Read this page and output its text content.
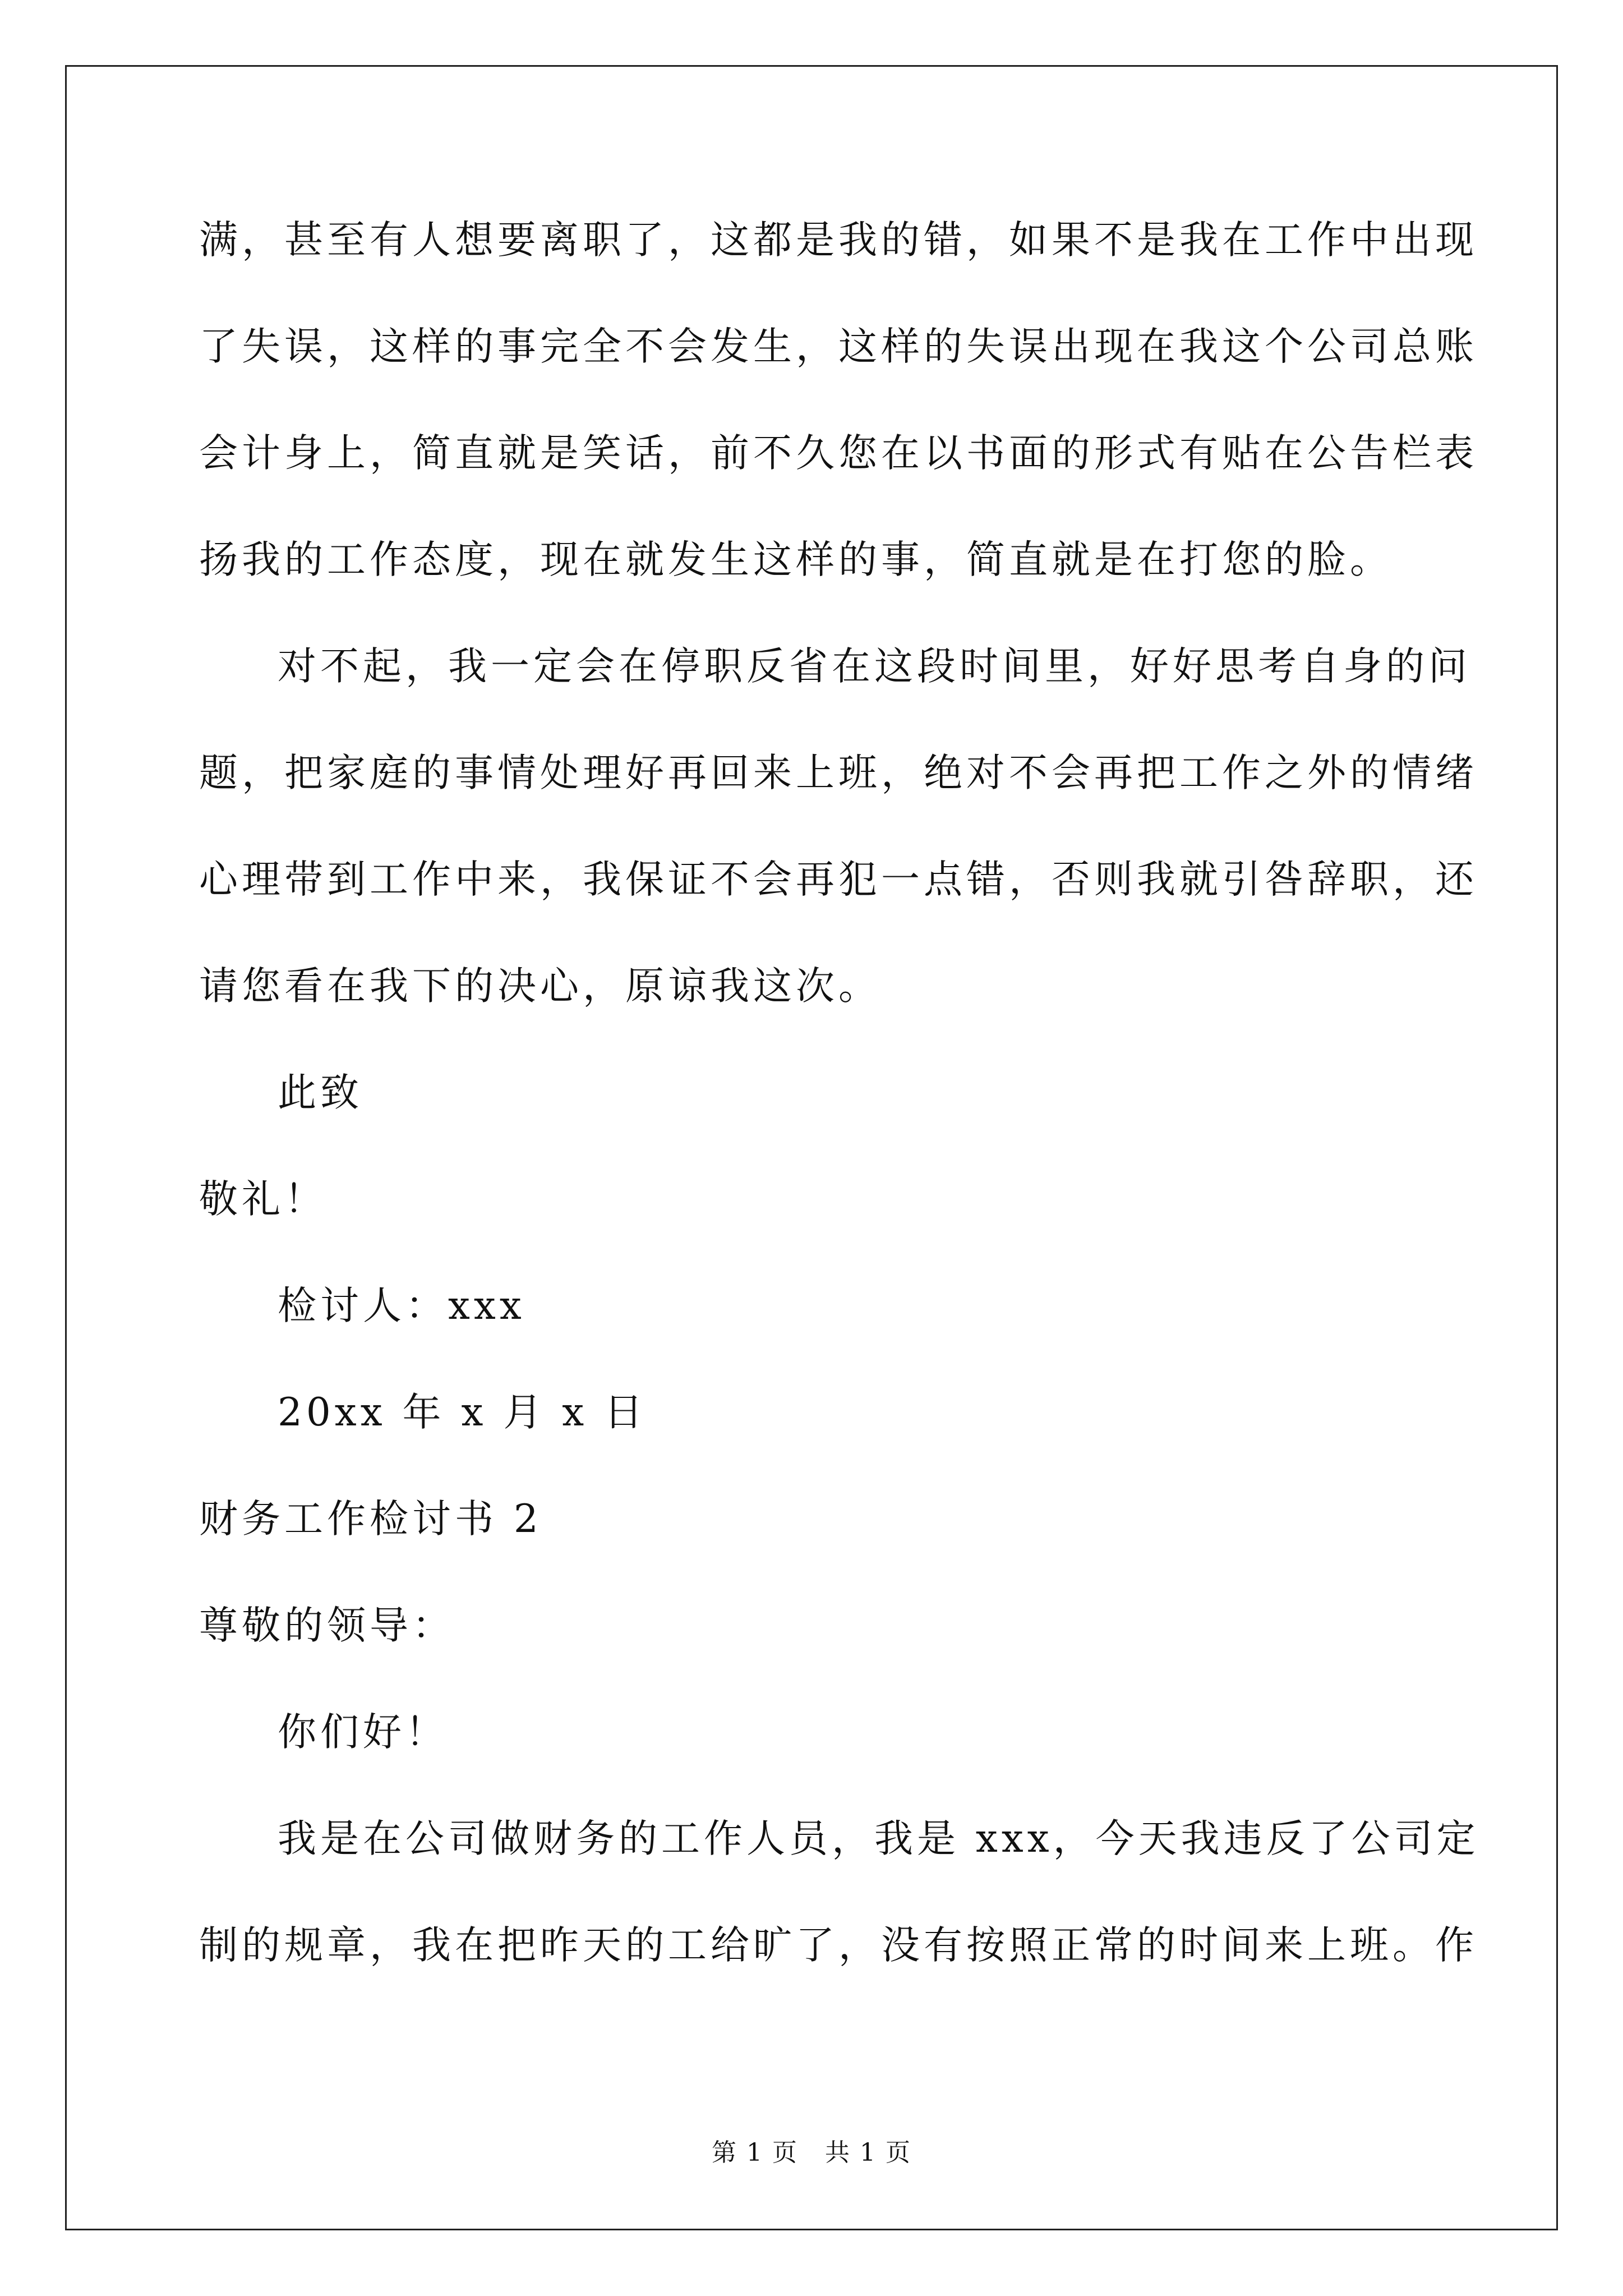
满，甚至有人想要离职了，这都是我的错，如果不是我在工作中出现
了失误，这样的事完全不会发生，这样的失误出现在我这个公司总账
会计身上，简直就是笑话，前不久您在以书面的形式有贴在公告栏表
扬我的工作态度，现在就发生这样的事，简直就是在打您的脸。
对不起，我一定会在停职反省在这段时间里，好好思考自身的问
题，把家庭的事情处理好再回来上班，绝对不会再把工作之外的情绪
心理带到工作中来，我保证不会再犯一点错，否则我就引咎辞职，还
请您看在我下的决心，原谅我这次。
此致
敬礼！
检讨人：xxx
20xx 年 x 月 x 日
财务工作检讨书 2
尊敬的领导：
你们好！
我是在公司做财务的工作人员，我是 xxx，今天我违反了公司定
制的规章，我在把昨天的工给旷了，没有按照正常的时间来上班。作
第 1 页   共 1 页
